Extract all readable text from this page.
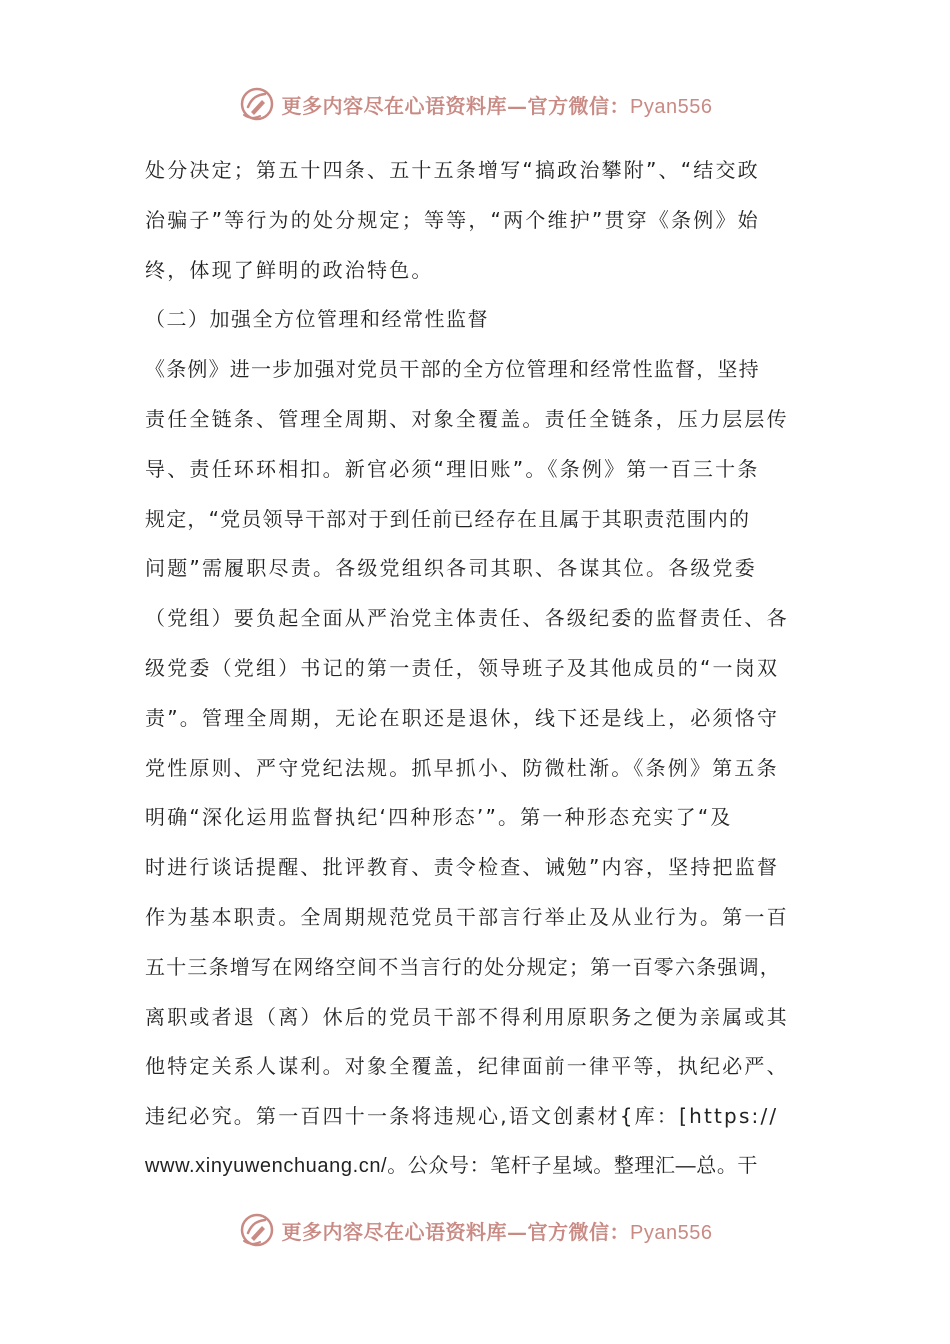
更多内容尽在心语资料库—官方微信：Pyan556
处分决定；第五十四条、五十五条增写“搞政治攀附”、“结交政
治骗子”等行为的处分规定；等等，“两个维护”贯穿《条例》始
终，体现了鲜明的政治特色。
（二）加强全方位管理和经常性监督
《条例》进一步加强对党员干部的全方位管理和经常性监督，坚持
责任全链条、管理全周期、对象全覆盖。责任全链条，压力层层传
导、责任环环相扣。新官必须“理旧账”。《条例》第一百三十条
规定，“党员领导干部对于到任前已经存在且属于其职责范围内的
问题”需履职尽责。各级党组织各司其职、各谋其位。各级党委
（党组）要负起全面从严治党主体责任、各级纪委的监督责任、各
级党委（党组）书记的第一责任，领导班子及其他成员的“一岗双
责”。管理全周期，无论在职还是退休，线下还是线上，必须恪守
党性原则、严守党纪法规。抓早抓小、防微杜渐。《条例》第五条
明确“深化运用监督执纪‘四种形态’”。第一种形态充实了“及
时进行谈话提醒、批评教育、责令检查、诫勉”内容，坚持把监督
作为基本职责。全周期规范党员干部言行举止及从业行为。第一百
五十三条增写在网络空间不当言行的处分规定；第一百零六条强调，
离职或者退（离）休后的党员干部不得利用原职务之便为亲属或其
他特定关系人谋利。对象全覆盖，纪律面前一律平等，执纪必严、
违纪必究。第一百四十一条将违规心,语文创素材{库：[https://
www.xinyuwenchuang.cn/。公众号：笔杆子星域。整理汇—总。干
更多内容尽在心语资料库—官方微信：Pyan556
